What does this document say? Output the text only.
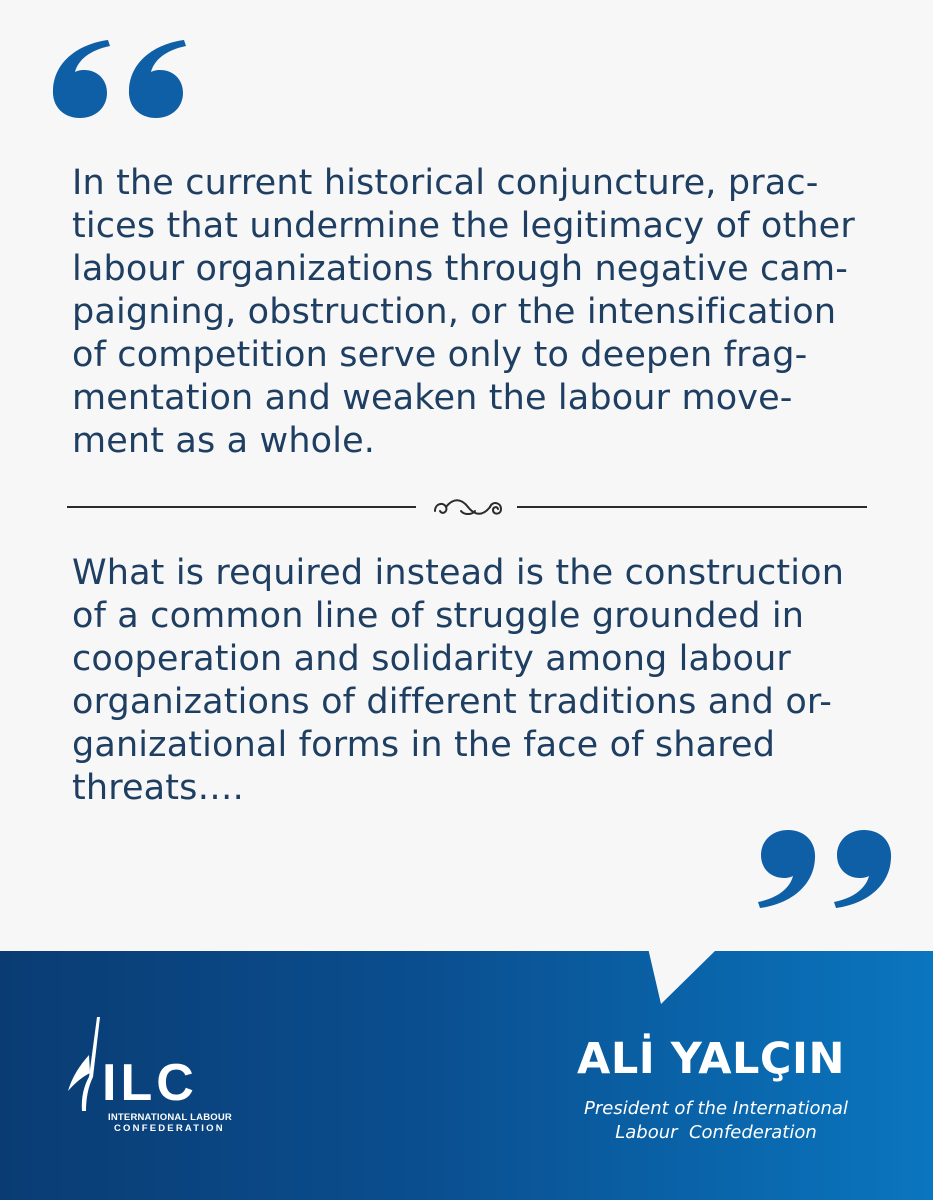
In the current historical conjuncture, prac-
tices that undermine the legitimacy of other
labour organizations through negative cam-
paigning, obstruction, or the intensification
of competition serve only to deepen frag-
mentation and weaken the labour move-
ment as a whole.

What is required instead is the construction
of a common line of struggle grounded in
cooperation and solidarity among labour
organizations of different traditions and or-
ganizational forms in the face of shared
threats….

ILC
INTERNATIONAL LABOUR
CONFEDERATION
ALİ YALÇIN
President of the International
Labour  Confederation
